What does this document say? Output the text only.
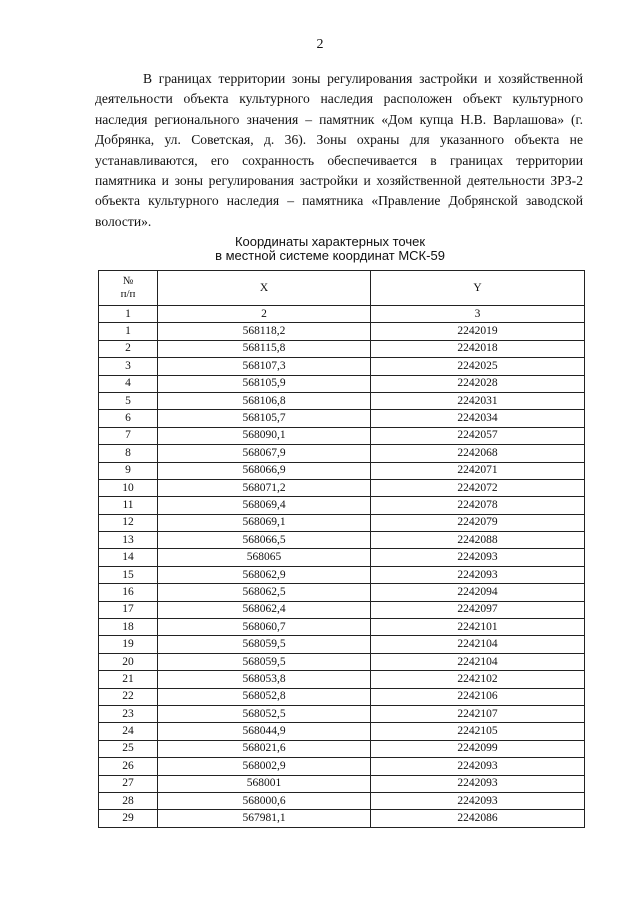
2

В границах территории зоны регулирования застройки и хозяйственной деятельности объекта культурного наследия расположен объект культурного наследия регионального значения – памятник «Дом купца Н.В. Варлашова» (г. Добрянка, ул. Советская, д. 36). Зоны охраны для указанного объекта не устанавливаются, его сохранность обеспечивается в границах территории памятника и зоны регулирования застройки и хозяйственной деятельности ЗРЗ-2 объекта культурного наследия – памятника «Правление Добрянской заводской волости».

Координаты характерных точек
в местной системе координат МСК-59
№
п/п	X	Y
1	2	3
1	568118,2	2242019
2	568115,8	2242018
3	568107,3	2242025
4	568105,9	2242028
5	568106,8	2242031
6	568105,7	2242034
7	568090,1	2242057
8	568067,9	2242068
9	568066,9	2242071
10	568071,2	2242072
11	568069,4	2242078
12	568069,1	2242079
13	568066,5	2242088
14	568065	2242093
15	568062,9	2242093
16	568062,5	2242094
17	568062,4	2242097
18	568060,7	2242101
19	568059,5	2242104
20	568059,5	2242104
21	568053,8	2242102
22	568052,8	2242106
23	568052,5	2242107
24	568044,9	2242105
25	568021,6	2242099
26	568002,9	2242093
27	568001	2242093
28	568000,6	2242093
29	567981,1	2242086
